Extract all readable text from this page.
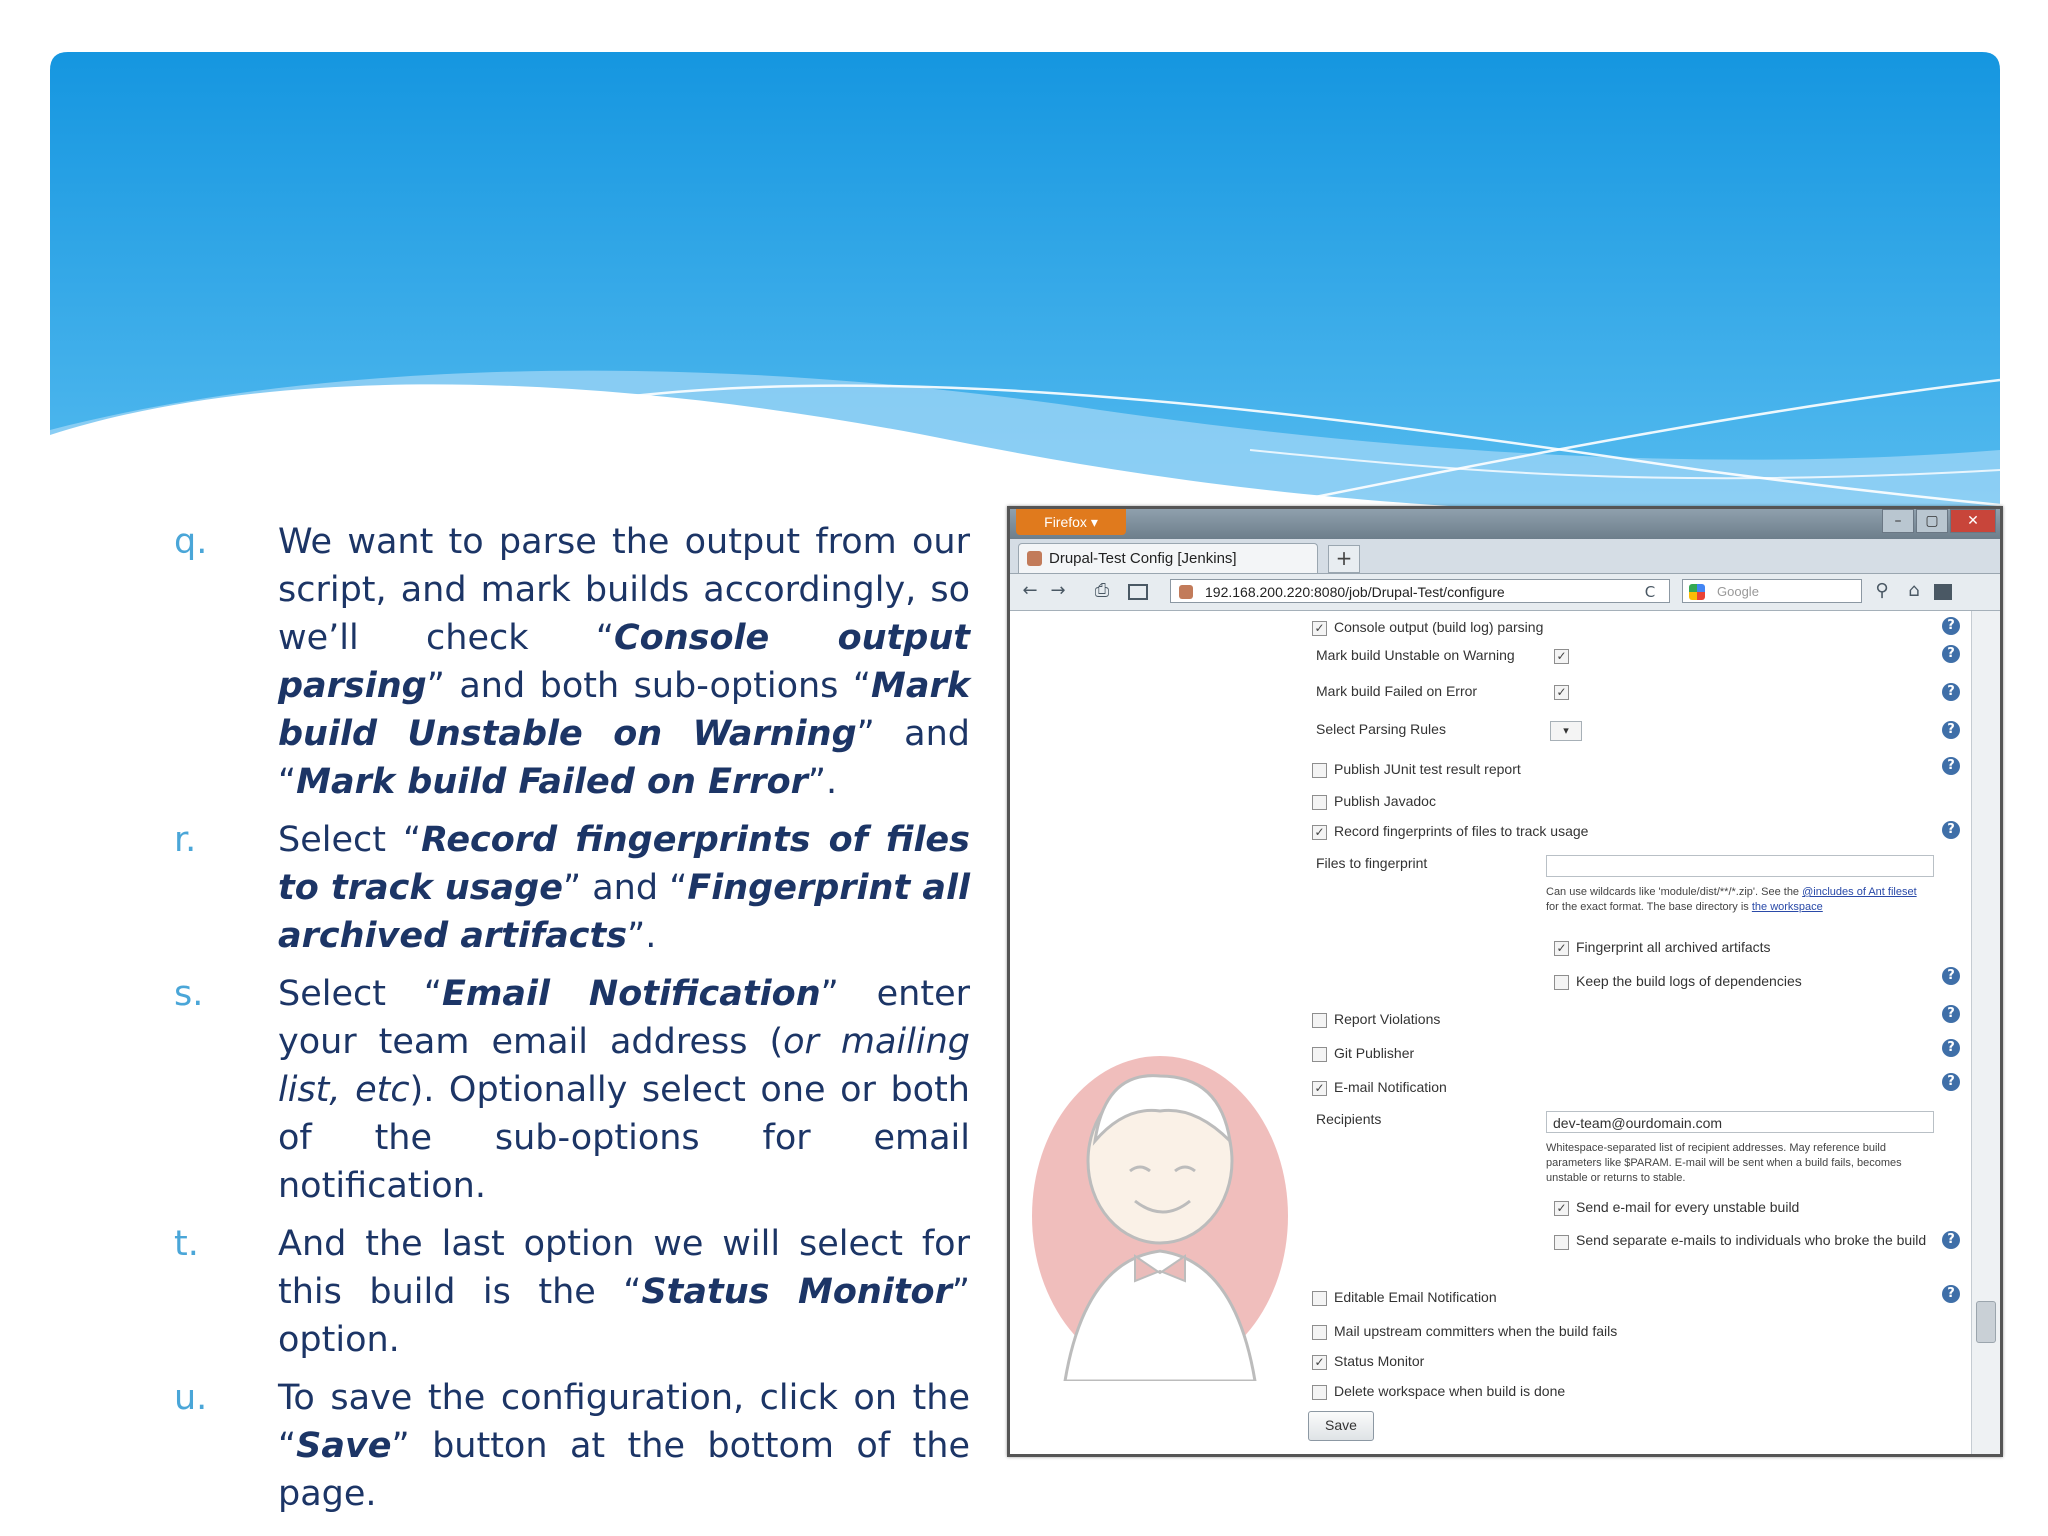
q. We want to parse the output from our script, and mark builds accordingly, so we’ll check “Console output parsing” and both sub-options “Mark build Unstable on Warning” and “Mark build Failed on Error”.
r. Select “Record fingerprints of files to track usage” and “Fingerprint all archived artifacts”.
s. Select “Email Notification” enter your team email address (or mailing list, etc). Optionally select one or both of the sub-options for email notification.
t. And the last option we will select for this build is the “Status Monitor” option.
u. To save the configuration, click on the “Save” button at the bottom of the page.
Firefox ▾	–	▢	✕
Drupal-Test Config [Jenkins]	+
← → ⎙	192.168.200.220:8080/job/Drupal-Test/configure	C	Google	⚲	⌂
✓ Console output (build log) parsing	?
Mark build Unstable on Warning	✓	?
Mark build Failed on Error	✓	?
Select Parsing Rules	▾	?
Publish JUnit test result report	?
Publish Javadoc
✓ Record fingerprints of files to track usage	?
Files to fingerprint
Can use wildcards like 'module/dist/**/*.zip'. See the @includes of Ant fileset for the exact format. The base directory is the workspace
✓ Fingerprint all archived artifacts
Keep the build logs of dependencies	?
Report Violations	?
Git Publisher	?
✓ E-mail Notification	?
Recipients	dev-team@ourdomain.com
Whitespace-separated list of recipient addresses. May reference build parameters like $PARAM. E-mail will be sent when a build fails, becomes unstable or returns to stable.
✓ Send e-mail for every unstable build
Send separate e-mails to individuals who broke the build	?
Editable Email Notification	?
Mail upstream committers when the build fails
✓ Status Monitor
Delete workspace when build is done
Save
